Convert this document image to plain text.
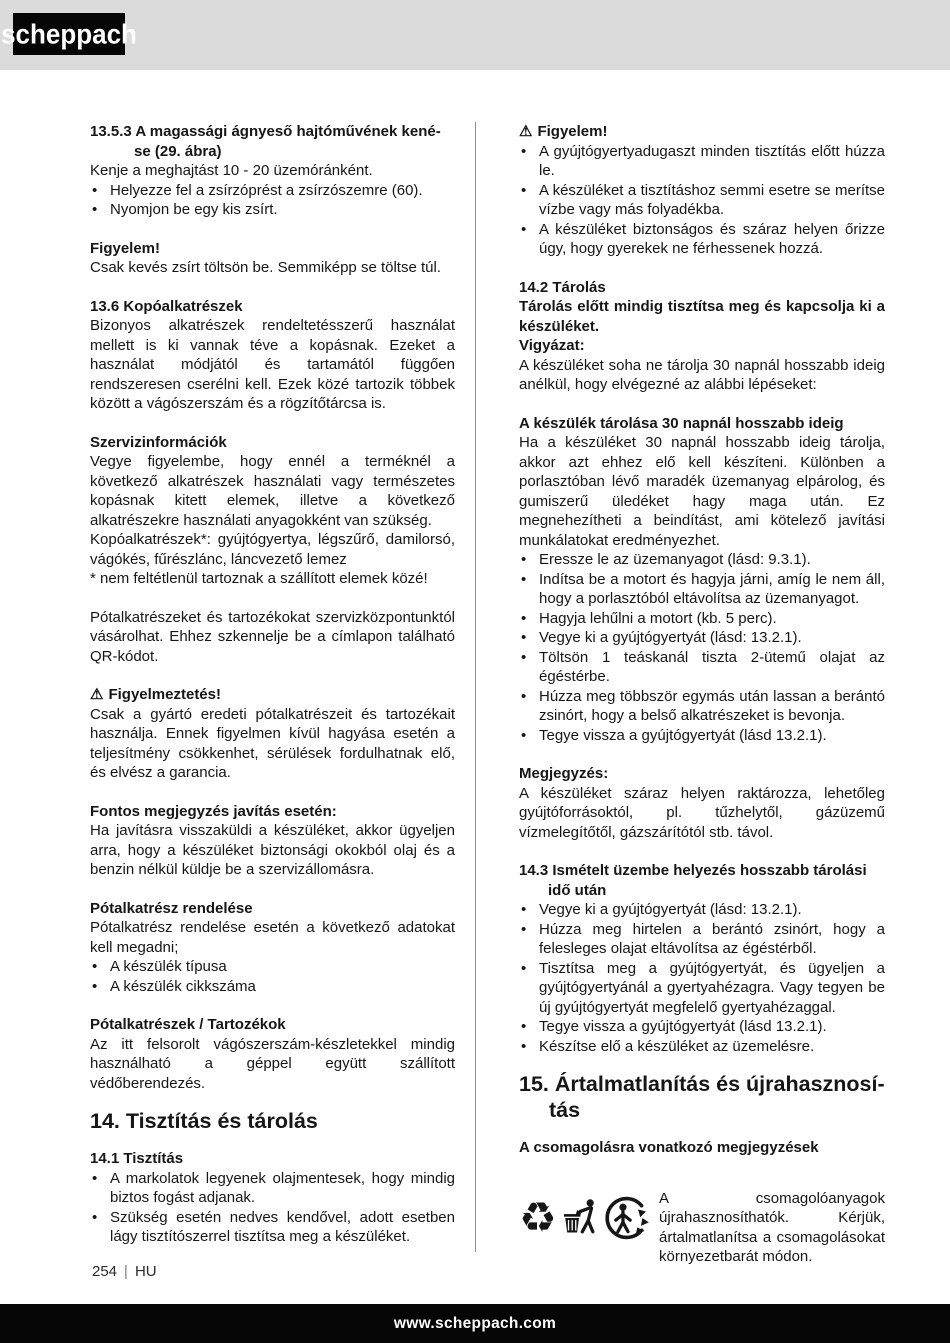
scheppach
13.5.3 A magassági ágnyeső hajtóművének kené-
se (29. ábra)

Kenje a meghajtást 10 - 20 üzemóránként.

• Helyezze fel a zsírzóprést a zsírzószemre (60).
• Nyomjon be egy kis zsírt.
Figyelem!

Csak kevés zsírt töltsön be. Semmiképp se töltse túl.

13.6 Kopóalkatrészek

Bizonyos alkatrészek rendeltetésszerű használat mellett is ki vannak téve a kopásnak. Ezeket a használat módjától és tartamától függően rendszeresen cserélni kell. Ezek közé tartozik többek között a vágószerszám és a rögzítőtárcsa is.

Szervizinformációk

Vegye figyelembe, hogy ennél a terméknél a következő alkatrészek használati vagy természetes kopásnak kitett elemek, illetve a következő alkatrészekre használati anyagokként van szükség.

Kopóalkatrészek*: gyújtógyertya, légszűrő, damilorsó, vágókés, fűrészlánc, láncvezető lemez

* nem feltétlenül tartoznak a szállított elemek közé!

Pótalkatrészeket és tartozékokat szervizközpontunktól vásárolhat. Ehhez szkennelje be a címlapon található QR-kódot.

⚠ Figyelmeztetés!

Csak a gyártó eredeti pótalkatrészeit és tartozékait használja. Ennek figyelmen kívül hagyása esetén a teljesítmény csökkenhet, sérülések fordulhatnak elő, és elvész a garancia.

Fontos megjegyzés javítás esetén:

Ha javításra visszaküldi a készüléket, akkor ügyeljen arra, hogy a készüléket biztonsági okokból olaj és a benzin nélkül küldje be a szervizállomásra.

Pótalkatrész rendelése

Pótalkatrész rendelése esetén a következő adatokat kell megadni;

• A készülék típusa
• A készülék cikkszáma
Pótalkatrészek / Tartozékok

Az itt felsorolt vágószerszám-készletekkel mindig használható a géppel együtt szállított védőberendezés.

14. Tisztítás és tárolás
14.1 Tisztítás
• A markolatok legyenek olajmentesek, hogy mindig biztos fogást adjanak.
• Szükség esetén nedves kendővel, adott esetben lágy tisztítószerrel tisztítsa meg a készüléket.
⚠ Figyelem!
• A gyújtógyertyadugaszt minden tisztítás előtt húzza le.
• A készüléket a tisztításhoz semmi esetre se merítse vízbe vagy más folyadékba.
• A készüléket biztonságos és száraz helyen őrizze úgy, hogy gyerekek ne férhessenek hozzá.
14.2 Tárolás
Tárolás előtt mindig tisztítsa meg és kapcsolja ki a készüléket.
Vigyázat:

A készüléket soha ne tárolja 30 napnál hosszabb ideig anélkül, hogy elvégezné az alábbi lépéseket:

A készülék tárolása 30 napnál hosszabb ideig

Ha a készüléket 30 napnál hosszabb ideig tárolja, akkor azt ehhez elő kell készíteni. Különben a porlasztóban lévő maradék üzemanyag elpárolog, és gumiszerű üledéket hagy maga után. Ez megnehezítheti a beindítást, ami kötelező javítási munkálatokat eredményezhet.

• Eressze le az üzemanyagot (lásd: 9.3.1).
• Indítsa be a motort és hagyja járni, amíg le nem áll, hogy a porlasztóból eltávolítsa az üzemanyagot.
• Hagyja lehűlni a motort (kb. 5 perc).
• Vegye ki a gyújtógyertyát (lásd: 13.2.1).
• Töltsön 1 teáskanál tiszta 2-ütemű olajat az égéstérbe.
• Húzza meg többször egymás után lassan a berántó zsinórt, hogy a belső alkatrészeket is bevonja.
• Tegye vissza a gyújtógyertyát (lásd 13.2.1).
Megjegyzés:

A készüléket száraz helyen raktározza, lehetőleg gyújtóforrásoktól, pl. tűzhelytől, gázüzemű vízmelegítőtől, gázszárítótól stb. távol.

14.3 Ismételt üzembe helyezés hosszabb tárolási
idő után
• Vegye ki a gyújtógyertyát (lásd: 13.2.1).
• Húzza meg hirtelen a berántó zsinórt, hogy a felesleges olajat eltávolítsa az égéstérből.
• Tisztítsa meg a gyújtógyertyát, és ügyeljen a gyújtógyertyánál a gyertyahézagra. Vagy tegyen be új gyújtógyertyát megfelelő gyertyahézaggal.
• Tegye vissza a gyújtógyertyát (lásd 13.2.1).
• Készítse elő a készüléket az üzemelésre.
15. Ártalmatlanítás és újrahasznosí-
tás
A csomagolásra vonatkozó megjegyzések
♻	A csomagolóanyagok újrahasznosíthatók. Kérjük, ártalmatlanítsa a csomagolásokat környezetbarát módon.

254 | HU
www.scheppach.com
